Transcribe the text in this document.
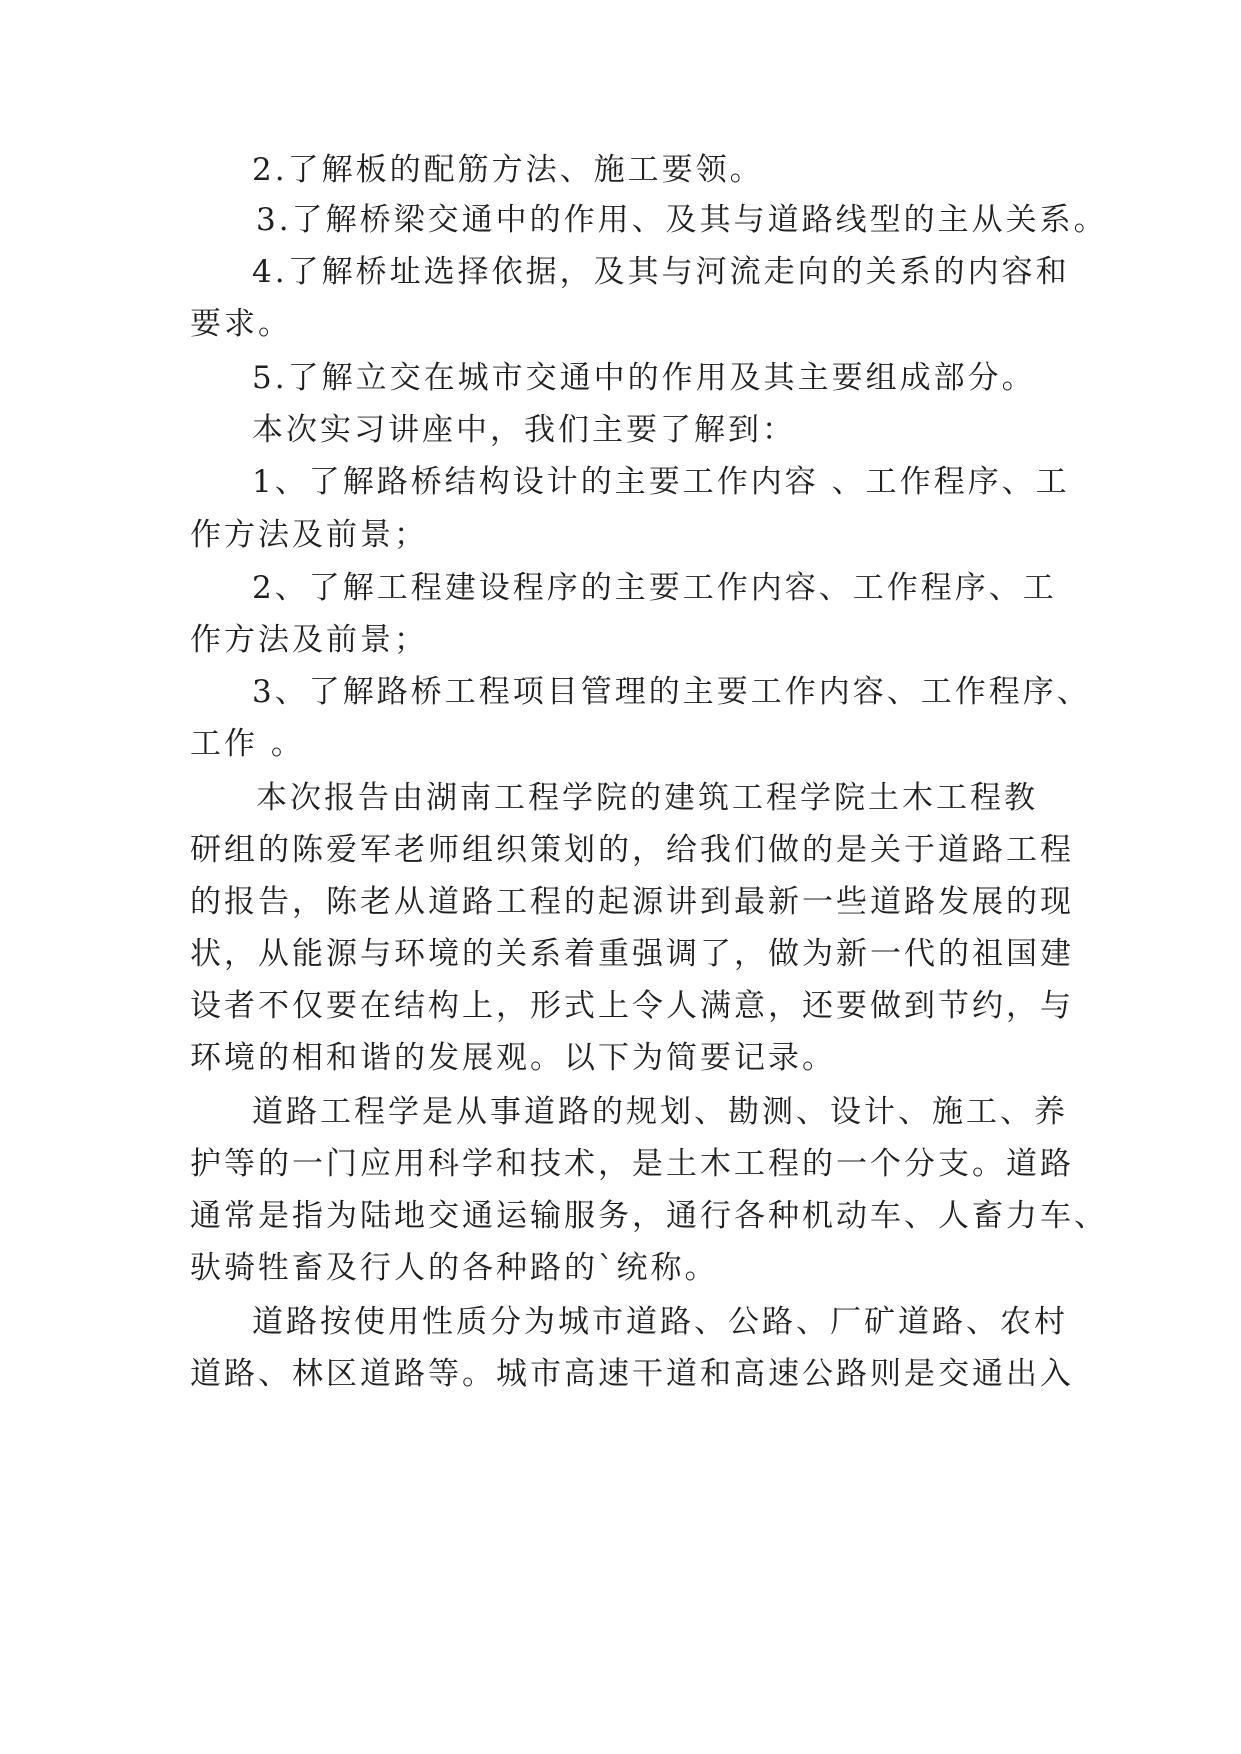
2.了解板的配筋方法、施工要领。
3.了解桥梁交通中的作用、及其与道路线型的主从关系。
4.了解桥址选择依据，及其与河流走向的关系的内容和
要求。
5.了解立交在城市交通中的作用及其主要组成部分。
本次实习讲座中，我们主要了解到：
1、了解路桥结构设计的主要工作内容 、工作程序、工
作方法及前景；
2、了解工程建设程序的主要工作内容、工作程序、工
作方法及前景；
3、了解路桥工程项目管理的主要工作内容、工作程序、
工作 。
本次报告由湖南工程学院的建筑工程学院土木工程教
研组的陈爱军老师组织策划的，给我们做的是关于道路工程
的报告，陈老从道路工程的起源讲到最新一些道路发展的现
状，从能源与环境的关系着重强调了，做为新一代的祖国建
设者不仅要在结构上，形式上令人满意，还要做到节约，与
环境的相和谐的发展观。以下为简要记录。
道路工程学是从事道路的规划、勘测、设计、施工、养
护等的一门应用科学和技术，是土木工程的一个分支。道路
通常是指为陆地交通运输服务，通行各种机动车、人畜力车、
驮骑牲畜及行人的各种路的`统称。
道路按使用性质分为城市道路、公路、厂矿道路、农村
道路、林区道路等。城市高速干道和高速公路则是交通出入
